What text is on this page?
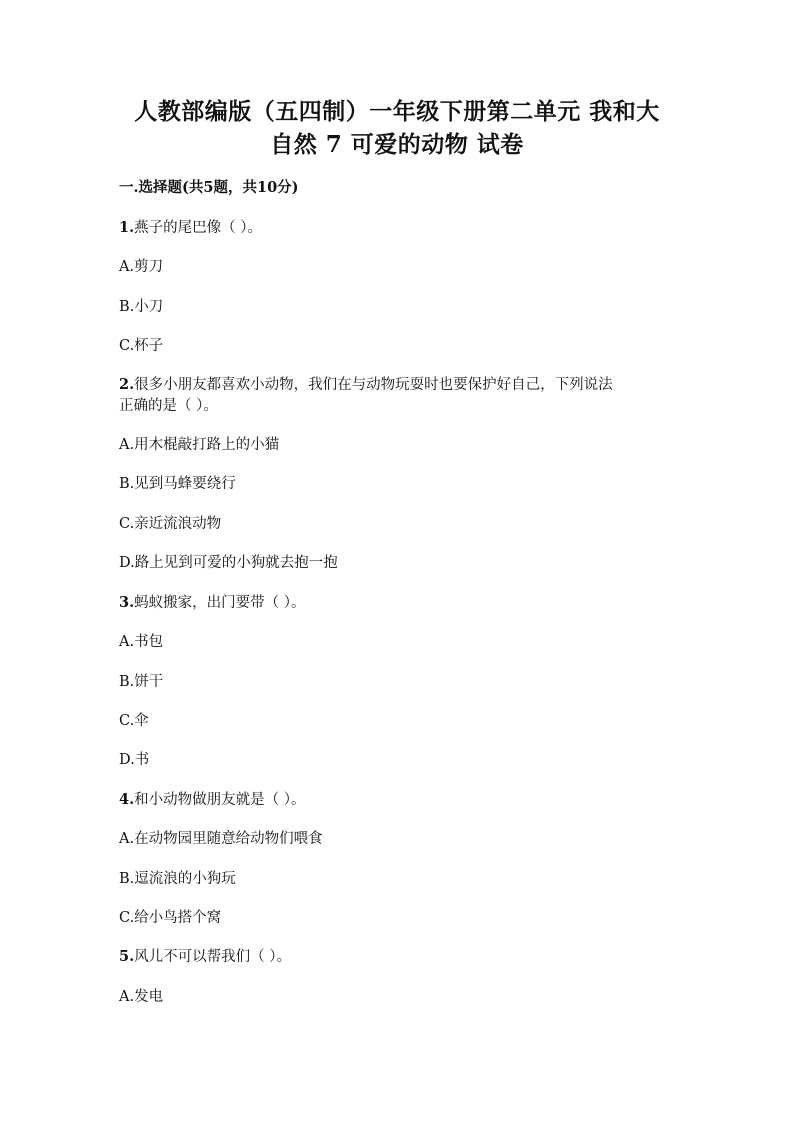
人教部编版（五四制）一年级下册第二单元 我和大
自然 7 可爱的动物 试卷
一.选择题(共5题，共10分)
1.燕子的尾巴像（ ）。
A.剪刀
B.小刀
C.杯子
2.很多小朋友都喜欢小动物，我们在与动物玩耍时也要保护好自己，下列说法
正确的是（ ）。
A.用木棍敲打路上的小猫
B.见到马蜂要绕行
C.亲近流浪动物
D.路上见到可爱的小狗就去抱一抱
3.蚂蚁搬家，出门要带（ ）。
A.书包
B.饼干
C.伞
D.书
4.和小动物做朋友就是（ ）。
A.在动物园里随意给动物们喂食
B.逗流浪的小狗玩
C.给小鸟搭个窝
5.风儿不可以帮我们（ ）。
A.发电
